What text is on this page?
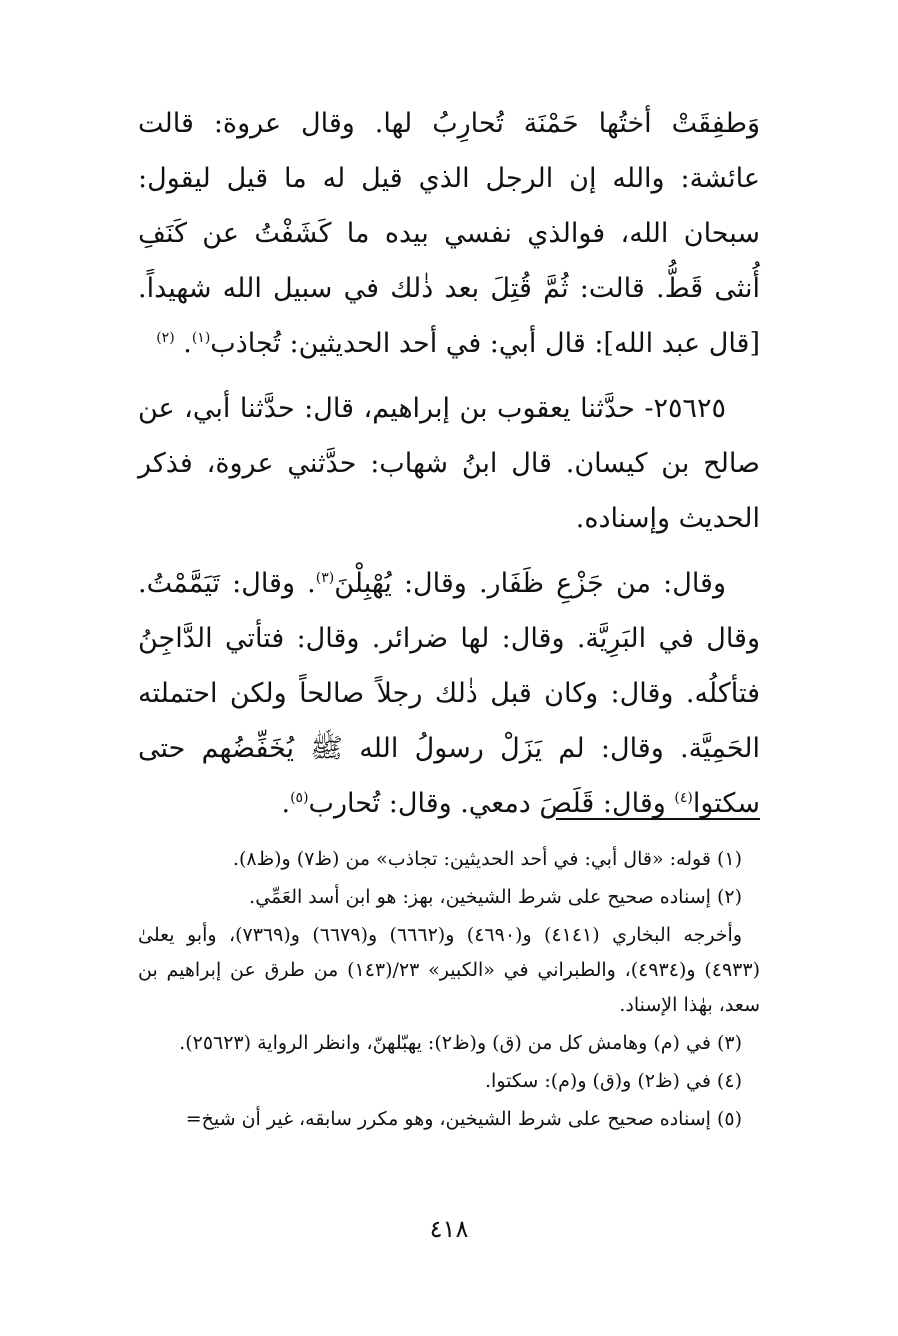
وَطفِقَتْ أختُها حَمْنَة تُحارِبُ لها. وقال عروة: قالت عائشة: والله إن الرجل الذي قيل له ما قيل ليقول: سبحان الله، فوالذي نفسي بيده ما كَشَفْتُ عن كَنَفِ أُنثى قَطُّ. قالت: ثُمَّ قُتِلَ بعد ذٰلك في سبيل الله شهيداً. [قال عبد الله]: قال أبي: في أحد الحديثين: تُجاذب$^{(١)}$. $^{(٢)}$

٢٥٦٢٥- حدَّثنا يعقوب بن إبراهيم، قال: حدَّثنا أبي، عن صالح بن كيسان. قال ابنُ شهاب: حدَّثني عروة، فذكر الحديث وإسناده.

وقال: من جَزْعِ ظَفَار. وقال: يُهْبِلْنَ$^{(٣)}$. وقال: تَيَمَّمْتُ. وقال في البَرِيَّة. وقال: لها ضرائر. وقال: فتأتي الدَّاجِنُ فتأكلُه. وقال: وكان قبل ذٰلك رجلاً صالحاً ولكن احتملته الحَمِيَّة. وقال: لم يَزَلْ رسولُ الله ﷺ يُخَفِّضُهم حتى سكتوا$^{(٤)}$ وقال: قَلَصَ دمعي. وقال: تُحارب$^{(٥)}$.

(١) قوله: «قال أبي: في أحد الحديثين: تجاذب» من (ظ٧) و(ظ٨).

(٢) إسناده صحيح على شرط الشيخين، بهز: هو ابن أسد العَمِّي.

وأخرجه البخاري (٤١٤١) و(٤٦٩٠) و(٦٦٦٢) و(٦٦٧٩) و(٧٣٦٩)، وأبو يعلىٰ (٤٩٣٣) و(٤٩٣٤)، والطبراني في «الكبير» ٢٣/(١٤٣) من طرق عن إبراهيم بن سعد، بهٰذا الإسناد.

(٣) في (م) وهامش كل من (ق) و(ظ٢): يهبّلهنّ، وانظر الرواية (٢٥٦٢٣).

(٤) في (ظ٢) و(ق) و(م): سكتوا.

(٥) إسناده صحيح على شرط الشيخين، وهو مكرر سابقه، غير أن شيخ=

٤١٨
